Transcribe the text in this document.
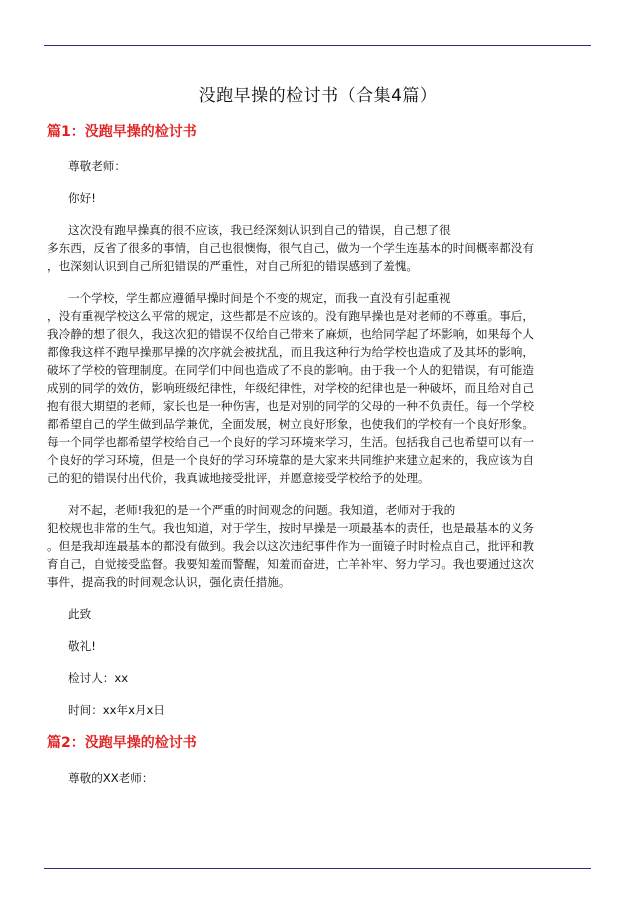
没跑早操的检讨书（合集4篇）
篇1：没跑早操的检讨书
尊敬老师：
你好!
这次没有跑早操真的很不应该，我已经深刻认识到自己的错误，自己想了很
多东西，反省了很多的事情，自己也很懊悔，很气自己，做为一个学生连基本的时间概率都没有
，也深刻认识到自己所犯错误的严重性，对自己所犯的错误感到了羞愧。
一个学校，学生都应遵循早操时间是个不变的规定，而我一直没有引起重视
，没有重视学校这么平常的规定，这些都是不应该的。没有跑早操也是对老师的不尊重。事后，
我冷静的想了很久，我这次犯的错误不仅给自己带来了麻烦，也给同学起了坏影响，如果每个人
都像我这样不跑早操那早操的次序就会被扰乱，而且我这种行为给学校也造成了及其坏的影响，
破坏了学校的管理制度。在同学们中间也造成了不良的影响。由于我一个人的犯错误，有可能造
成别的同学的效仿，影响班级纪律性，年级纪律性，对学校的纪律也是一种破坏，而且给对自己
抱有很大期望的老师，家长也是一种伤害，也是对别的同学的父母的一种不负责任。每一个学校
都希望自己的学生做到品学兼优，全面发展，树立良好形象，也使我们的学校有一个良好形象。
每一个同学也都希望学校给自己一个良好的学习环境来学习，生活。包括我自己也希望可以有一
个良好的学习环境，但是一个良好的学习环境靠的是大家来共同维护来建立起来的，我应该为自
己的犯的错误付出代价，我真诚地接受批评，并愿意接受学校给予的处理。
对不起，老师!我犯的是一个严重的时间观念的问题。我知道，老师对于我的
犯校规也非常的生气。我也知道，对于学生，按时早操是一项最基本的责任，也是最基本的义务
。但是我却连最基本的都没有做到。我会以这次违纪事件作为一面镜子时时检点自己，批评和教
育自己，自觉接受监督。我要知羞而警醒，知羞而奋进，亡羊补牢、努力学习。我也要通过这次
事件，提高我的时间观念认识，强化责任措施。
此致
敬礼!
检讨人：xx
时间：xx年x月x日
篇2：没跑早操的检讨书
尊敬的XX老师：
